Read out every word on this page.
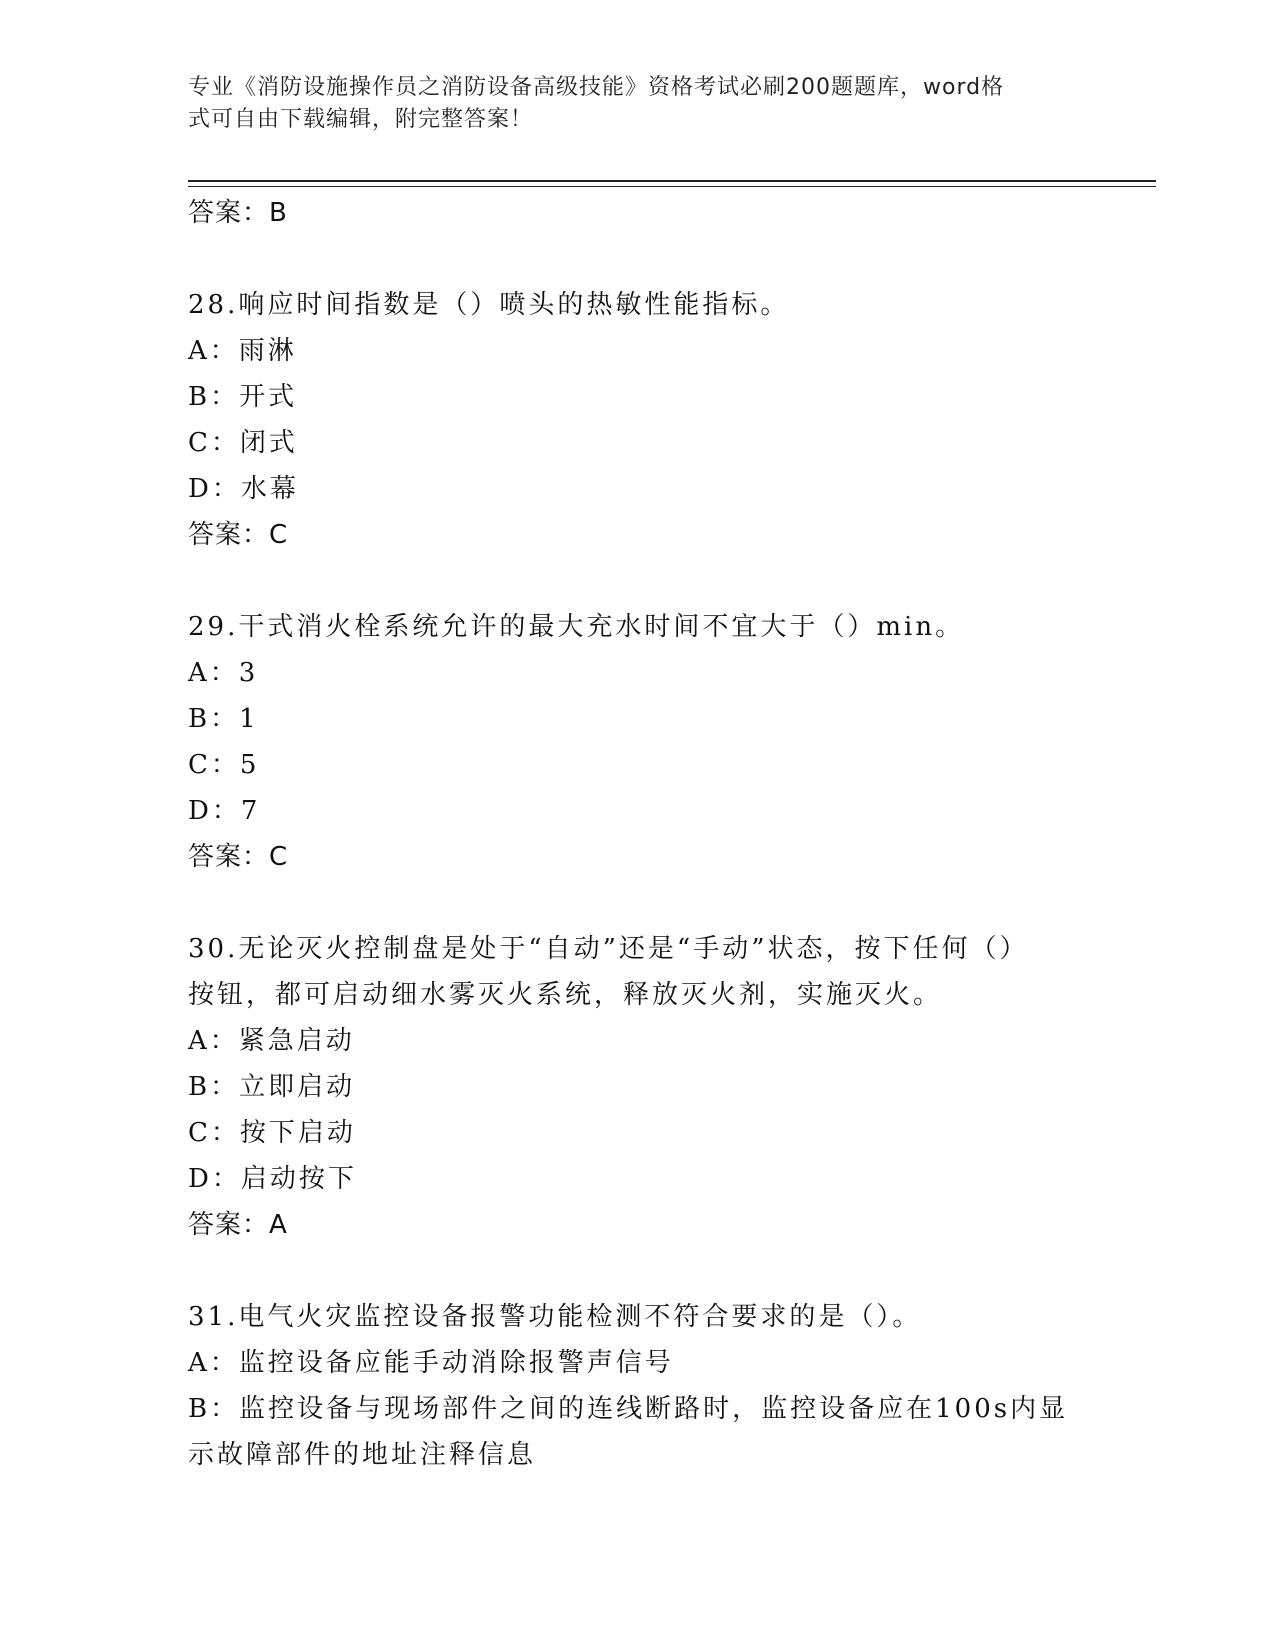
专业《消防设施操作员之消防设备高级技能》资格考试必刷200题题库，word格
式可自由下载编辑，附完整答案！
答案：B
28.响应时间指数是（）喷头的热敏性能指标。
A：雨淋
B：开式
C：闭式
D：水幕
答案：C
29.干式消火栓系统允许的最大充水时间不宜大于（）min。
A：3
B：1
C：5
D：7
答案：C
30.无论灭火控制盘是处于“自动”还是“手动”状态，按下任何（）
按钮，都可启动细水雾灭火系统，释放灭火剂，实施灭火。
A：紧急启动
B：立即启动
C：按下启动
D：启动按下
答案：A
31.电气火灾监控设备报警功能检测不符合要求的是（）。
A：监控设备应能手动消除报警声信号
B：监控设备与现场部件之间的连线断路时，监控设备应在100s内显
示故障部件的地址注释信息
